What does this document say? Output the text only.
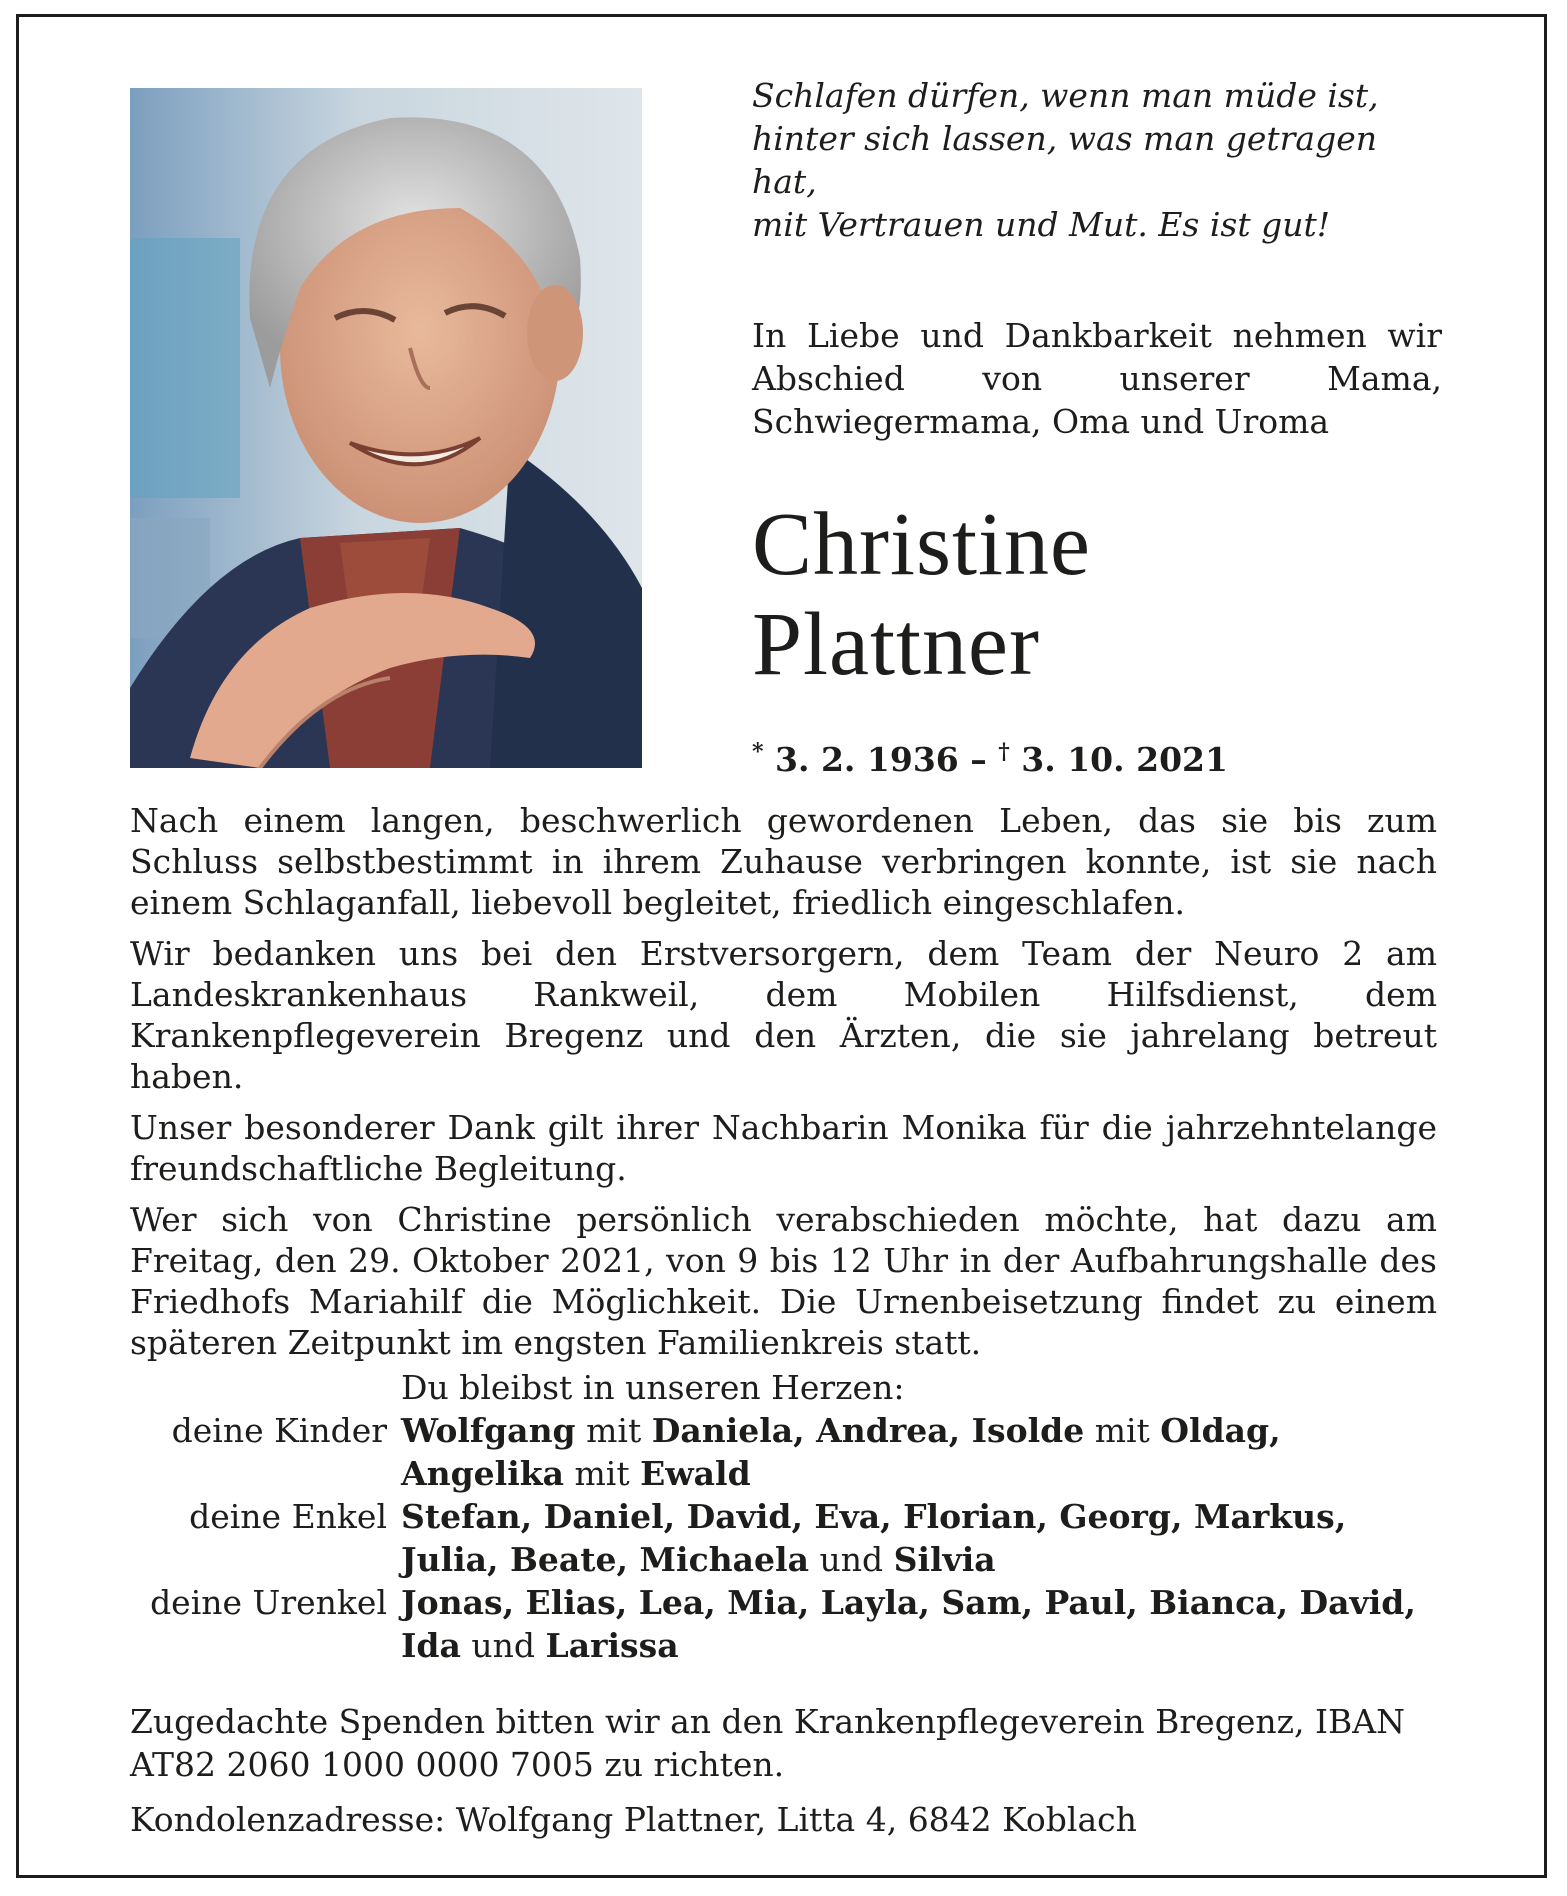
Schlafen dürfen, wenn man müde ist,
hinter sich lassen, was man getragen hat,
mit Vertrauen und Mut. Es ist gut!
In Liebe und Dankbarkeit nehmen wir Abschied von unserer Mama, Schwiegermama, Oma und Uroma
Christine
Plattner
* 3. 2. 1936 – † 3. 10. 2021

Nach einem langen, beschwerlich gewordenen Leben, das sie bis zum Schluss selbstbestimmt in ihrem Zuhause verbringen konnte, ist sie nach einem Schlaganfall, liebevoll begleitet, friedlich eingeschlafen.

Wir bedanken uns bei den Erstversorgern, dem Team der Neuro 2 am Landeskrankenhaus Rankweil, dem Mobilen Hilfsdienst, dem Krankenpflegeverein Bregenz und den Ärzten, die sie jahrelang betreut haben.

Unser besonderer Dank gilt ihrer Nachbarin Monika für die jahrzehntelange freundschaftliche Begleitung.

Wer sich von Christine persönlich verabschieden möchte, hat dazu am Freitag, den 29. Oktober 2021, von 9 bis 12 Uhr in der Aufbahrungshalle des Friedhofs Mariahilf die Möglichkeit. Die Urnenbeisetzung findet zu einem späteren Zeitpunkt im engsten Familienkreis statt.

Du bleibst in unseren Herzen:
deine Kinder Wolfgang mit Daniela, Andrea, Isolde mit Oldag,
Angelika mit Ewald
deine Enkel Stefan, Daniel, David, Eva, Florian, Georg, Markus,
Julia, Beate, Michaela und Silvia
deine Urenkel Jonas, Elias, Lea, Mia, Layla, Sam, Paul, Bianca, David,
Ida und Larissa

Zugedachte Spenden bitten wir an den Krankenpflegeverein Bregenz, IBAN AT82 2060 1000 0000 7005 zu richten.

Kondolenzadresse: Wolfgang Plattner, Litta 4, 6842 Koblach
